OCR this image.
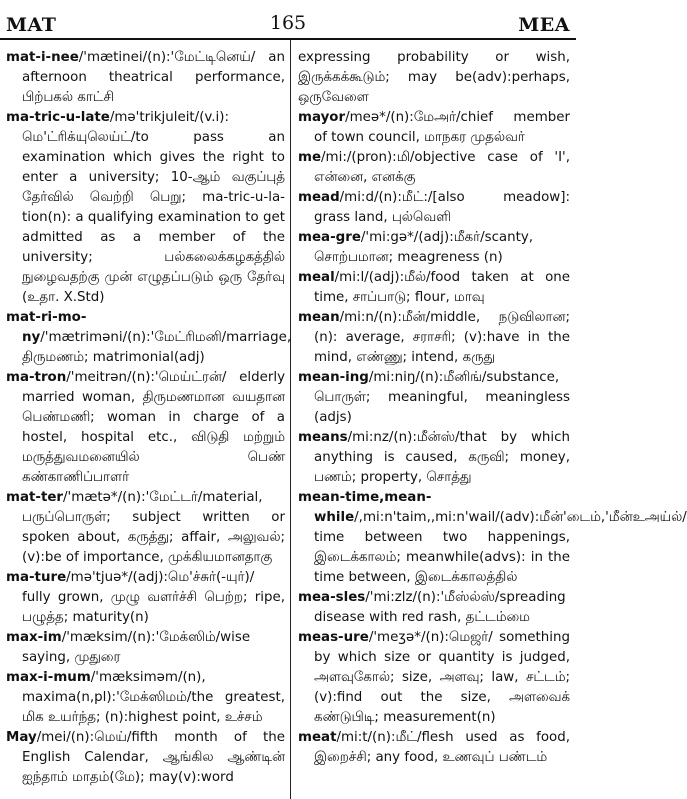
MAT	165	MEA

mat-i-nee/'mætinei/(n):'மேட்டினெய்/ an afternoon theatrical performance, பிற்பகல் காட்சி

ma-tric-u-late/mə'trikjuleit/(v.i): மெ'ட்ரிக்யுலெய்ட்/to pass an examination which gives the right to enter a university; 10-ஆம் வகுப்புத் தேர்வில் வெற்றி பெறு; ma-tric-u-la-tion(n): a qualifying examination to get admitted as a member of the university; பல்கலைக்கழகத்தில் நுழைவதற்கு முன் எழுதப்படும் ஒரு தேர்வு (உதா. X.Std)

mat-ri-mo-ny/'mætrimǝni/(n):'மேட்ரிமனி/marriage, திருமணம்; matrimonial(adj)

ma-tron/'meitrǝn/(n):'மெய்ட்ரன்/ elderly married woman, திருமணமான வயதான பெண்மணி; woman in charge of a hostel, hospital etc., விடுதி மற்றும் மருத்துவமனையில் பெண் கண்காணிப்பாளர்

mat-ter/'mætə*/(n):'மேட்டர்/material, பருப்பொருள்; subject written or spoken about, கருத்து; affair, அலுவல்; (v):be of importance, முக்கியமானதாகு

ma-ture/mə'tjuə*/(adj):மெ'ச்சுர்(-யுர்)/ fully grown, முழு வளர்ச்சி பெற்ற; ripe, பழுத்த; maturity(n)

max-im/'mæksim/(n):'மேக்ஸிம்/wise saying, முதுரை

max-i-mum/'mæksimǝm/(n), maxima(n,pl):'மேக்ஸிமம்/the greatest, மிக உயர்ந்த; (n):highest point, உச்சம்

May/mei/(n):மெய்/fifth month of the English Calendar, ஆங்கில ஆண்டின் ஐந்தாம் மாதம்(மே); may(v):word

expressing probability or wish, இருக்கக்கூடும்; may be(adv):perhaps, ஒருவேளை

mayor/meə*/(n):மேஅர்/chief member of town council, மாநகர முதல்வர்

me/mi:/(pron):மி/objective case of 'I', என்னை, எனக்கு

mead/mi:d/(n):மீட்:/[also meadow]: grass land, புல்வெளி

mea-gre/'mi:gǝ*/(adj):மீகர்/scanty, சொற்பமான; meagreness (n)

meal/mi:l/(adj):மீல்/food taken at one time, சாப்பாடு; flour, மாவு

mean/mi:n/(n):மீன்/middle, நடுவிலான; (n): average, சராசரி; (v):have in the mind, எண்ணு; intend, கருது

mean-ing/mi:niŋ/(n):மீனிங்/substance, பொருள்; meaningful, meaningless (adjs)

means/mi:nz/(n):மீன்ஸ்/that by which anything is caused, கருவி; money, பணம்; property, சொத்து

mean-time,mean-while/,mi:n'taim,,mi:n'wail/(adv):மீன்'டைம்,'மீன்உஅய்ல்/ time between two happenings, இடைக்காலம்; meanwhile(advs): in the time between, இடைக்காலத்தில்

mea-sles/'mi:zlz/(n):'மீஸ்ல்ஸ்/spreading disease with red rash, தட்டம்மை

meas-ure/'meʒǝ*/(n):மெஜர்/ something by which size or quantity is judged, அளவுகோல்; size, அளவு; law, சட்டம்; (v):find out the size, அளவைக் கண்டுபிடி; measurement(n)

meat/mi:t/(n):மீட்/flesh used as food, இறைச்சி; any food, உணவுப் பண்டம்
